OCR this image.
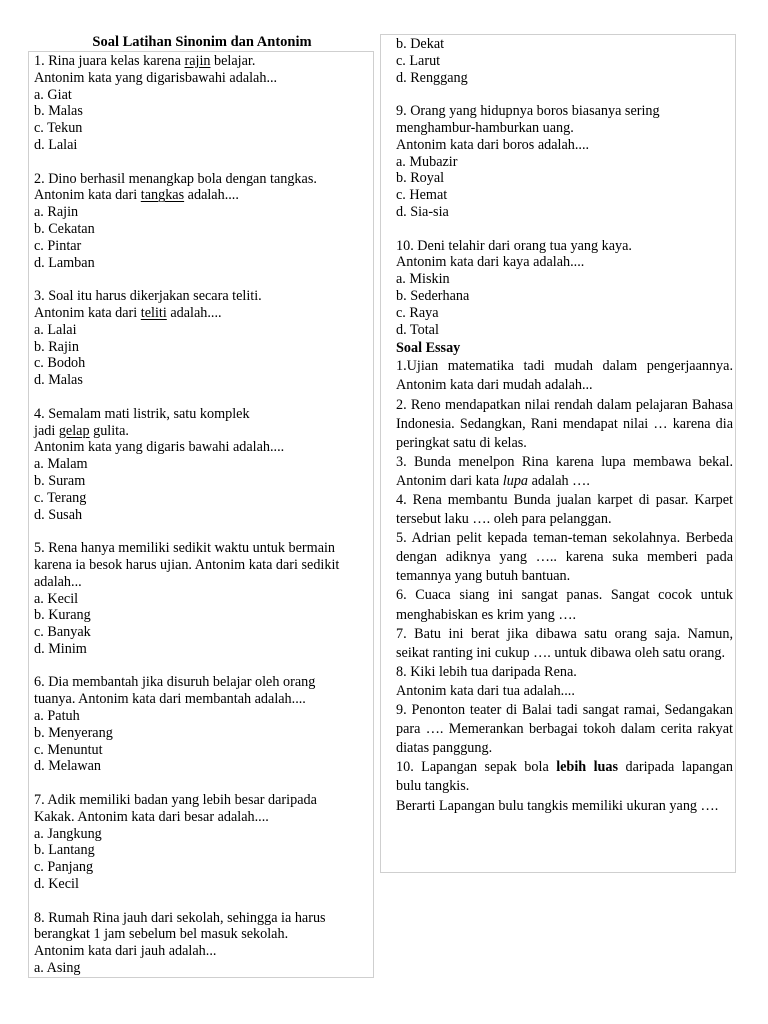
Soal Latihan Sinonim dan Antonim
1. Rina juara kelas karena rajin belajar.
Antonim kata yang digarisbawahi adalah...
a. Giat
b. Malas
c. Tekun
d. Lalai
2. Dino berhasil menangkap bola dengan tangkas.
Antonim kata dari tangkas adalah....
a. Rajin
b. Cekatan
c. Pintar
d. Lamban
3. Soal itu harus dikerjakan secara teliti.
Antonim kata dari teliti adalah....
a. Lalai
b. Rajin
c. Bodoh
d. Malas
4. Semalam mati listrik, satu komplek
jadi gelap gulita.
Antonim kata yang digaris bawahi adalah....
a. Malam
b. Suram
c. Terang
d. Susah
5. Rena hanya memiliki sedikit waktu untuk bermain
karena ia besok harus ujian. Antonim kata dari sedikit
adalah...
a. Kecil
b. Kurang
c. Banyak
d. Minim
6. Dia membantah jika disuruh belajar oleh orang
tuanya. Antonim kata dari membantah adalah....
a. Patuh
b. Menyerang
c. Menuntut
d. Melawan
7. Adik memiliki badan yang lebih besar daripada
Kakak. Antonim kata dari besar adalah....
a. Jangkung
b. Lantang
c. Panjang
d. Kecil
8. Rumah Rina jauh dari sekolah, sehingga ia harus
berangkat 1 jam sebelum bel masuk sekolah.
Antonim kata dari jauh adalah...
a. Asing
b. Dekat
c. Larut
d. Renggang
9. Orang yang hidupnya boros biasanya sering
menghambur-hamburkan uang.
Antonim kata dari boros adalah....
a. Mubazir
b. Royal
c. Hemat
d. Sia-sia
10. Deni telahir dari orang tua yang kaya.
Antonim kata dari kaya adalah....
a. Miskin
b. Sederhana
c. Raya
d. Total
Soal Essay
1.Ujian matematika tadi mudah dalam pengerjaannya. Antonim kata dari mudah adalah...
2. Reno mendapatkan nilai rendah dalam pelajaran Bahasa Indonesia. Sedangkan, Rani mendapat nilai … karena dia peringkat satu di kelas.
3. Bunda menelpon Rina karena lupa membawa bekal. Antonim dari kata lupa adalah ….
4. Rena membantu Bunda jualan karpet di pasar. Karpet tersebut laku …. oleh para pelanggan.
5. Adrian pelit kepada teman-teman sekolahnya. Berbeda dengan adiknya yang ….. karena suka memberi pada temannya yang butuh bantuan.
6. Cuaca siang ini sangat panas. Sangat cocok untuk menghabiskan es krim yang ….
7. Batu ini berat jika dibawa satu orang saja. Namun, seikat ranting ini cukup …. untuk dibawa oleh satu orang.
8. Kiki lebih tua daripada Rena.
Antonim kata dari tua adalah....
9. Penonton teater di Balai tadi sangat ramai, Sedangakan para …. Memerankan berbagai tokoh dalam cerita rakyat diatas panggung.
10. Lapangan sepak bola lebih luas daripada lapangan bulu tangkis.
Berarti Lapangan bulu tangkis memiliki ukuran yang ….
